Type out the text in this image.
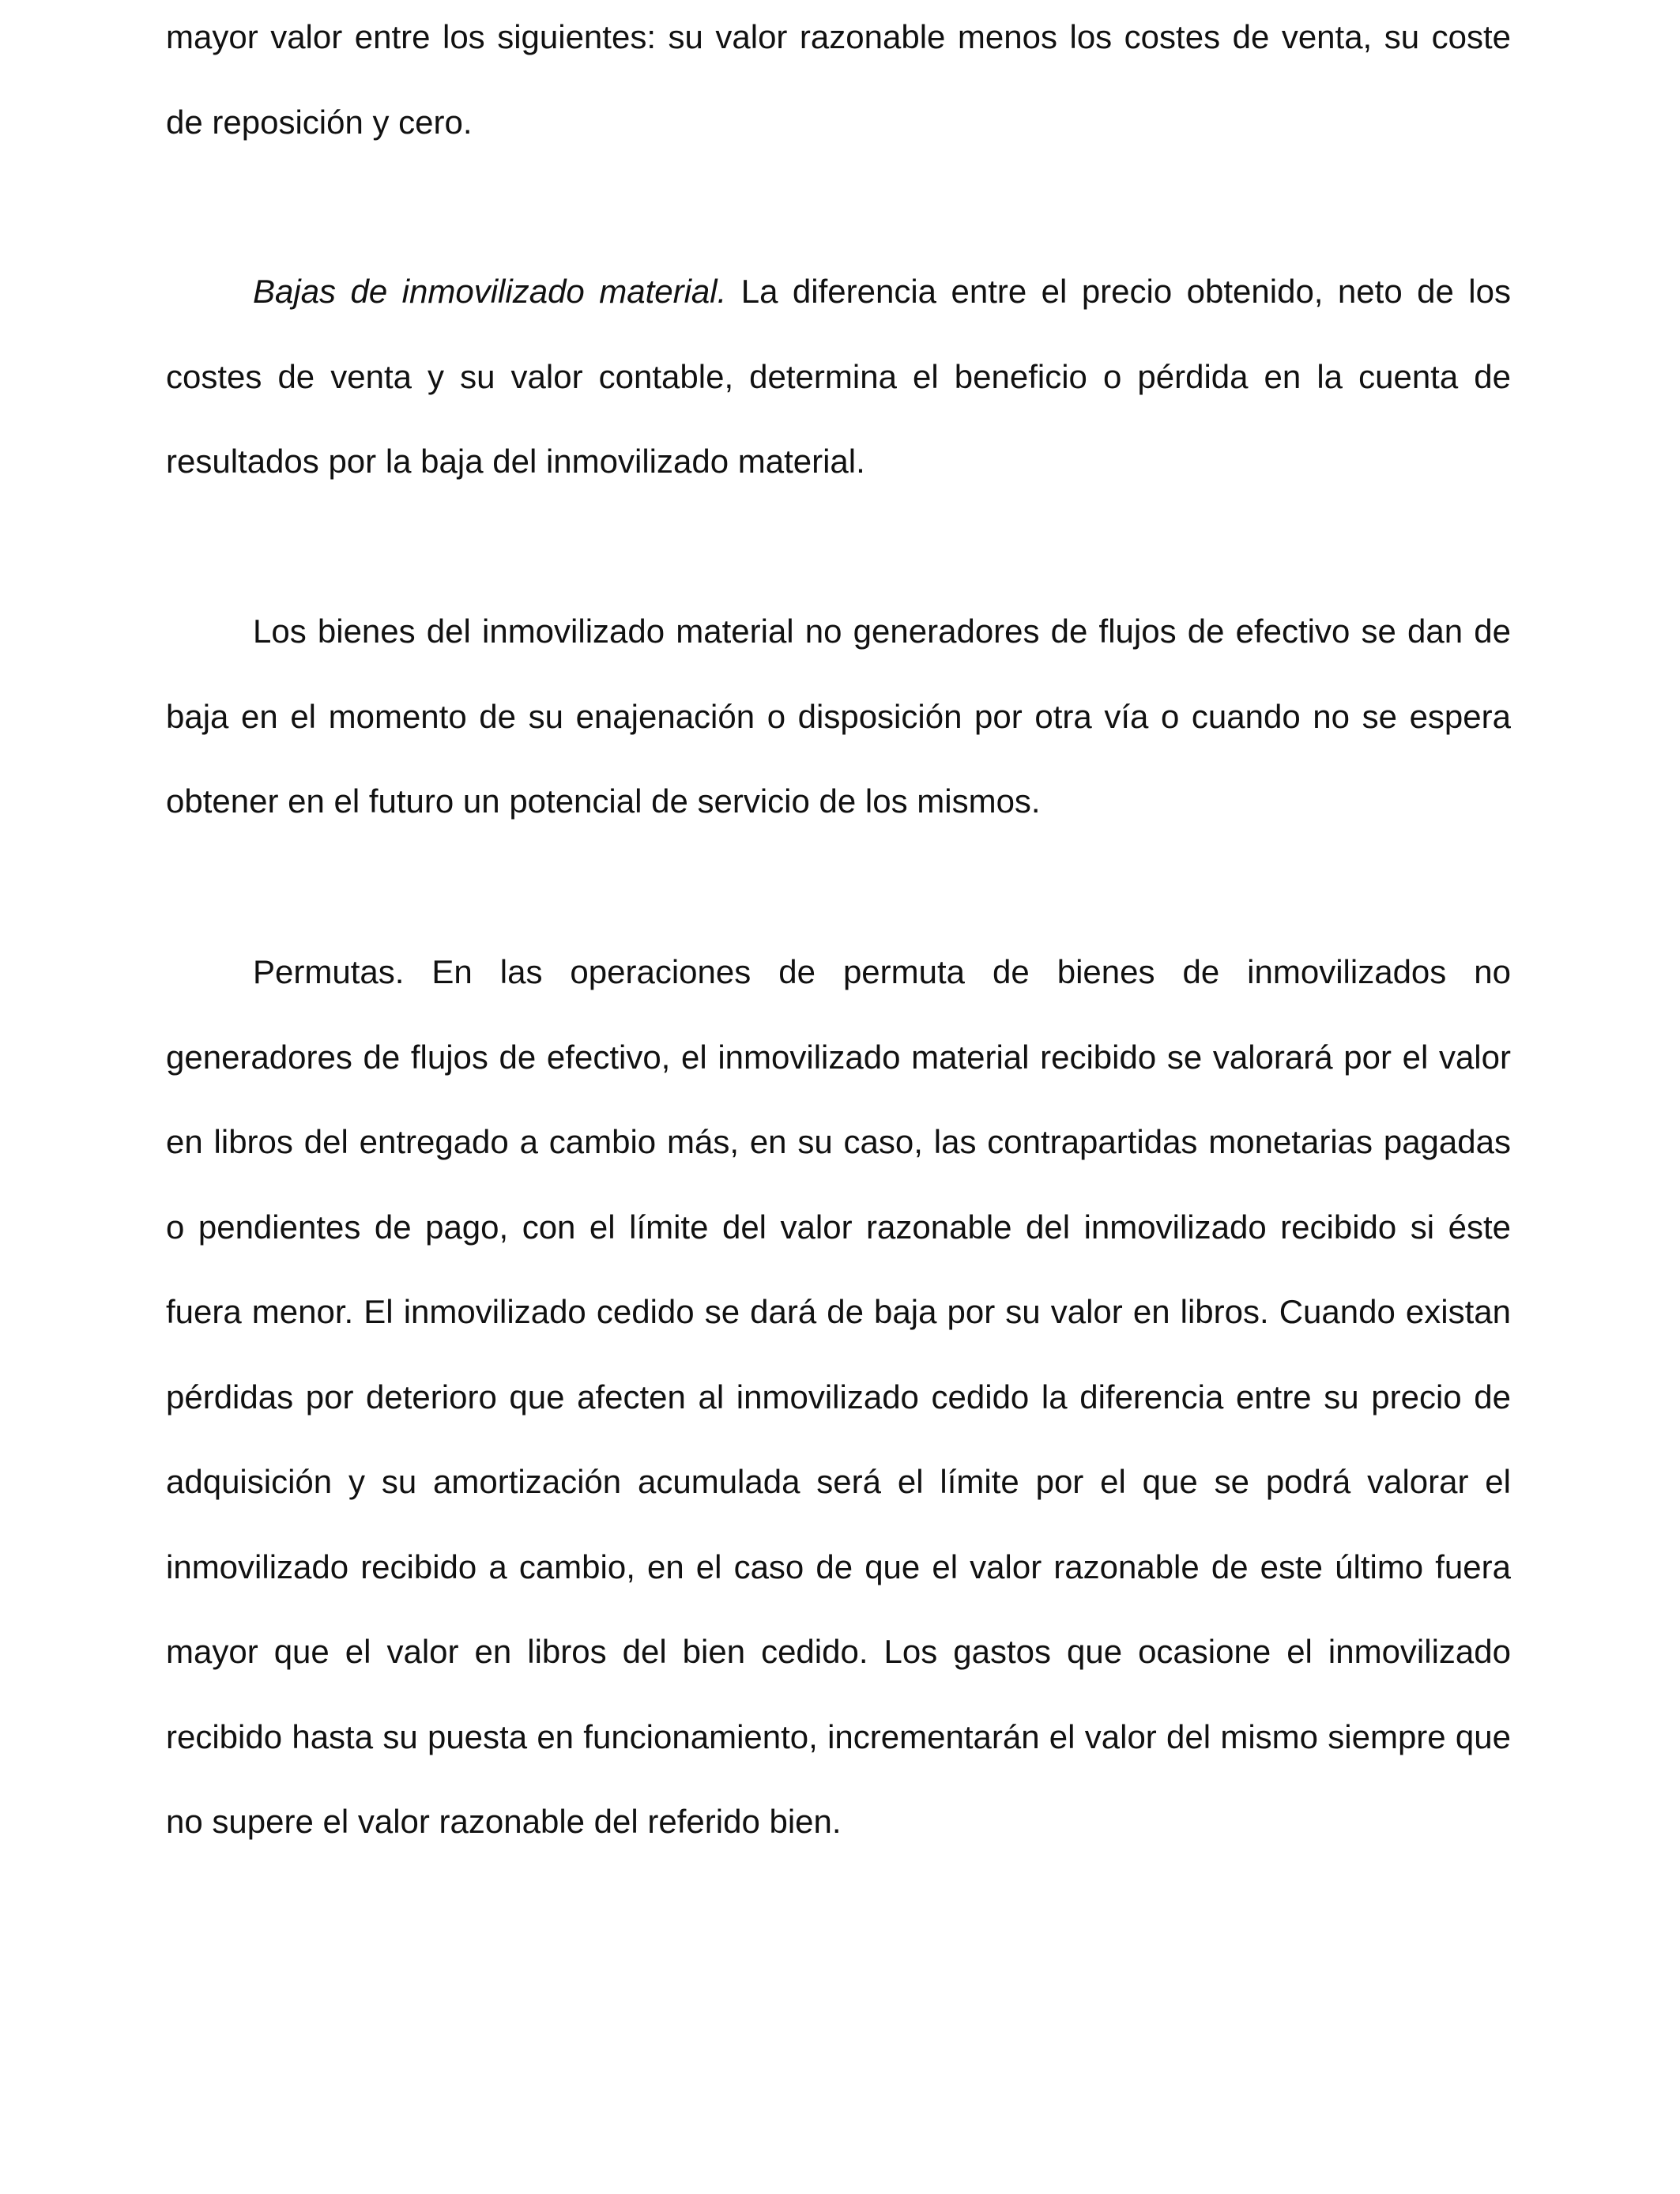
mayor valor entre los siguientes: su valor razonable menos los costes de venta, su coste de reposición y cero.

Bajas de inmovilizado material. La diferencia entre el precio obtenido, neto de los costes de venta y su valor contable, determina el beneficio o pérdida en la cuenta de resultados por la baja del inmovilizado material.

Los bienes del inmovilizado material no generadores de flujos de efectivo se dan de baja en el momento de su enajenación o disposición por otra vía o cuando no se espera obtener en el futuro un potencial de servicio de los mismos.

Permutas. En las operaciones de permuta de bienes de inmovilizados no generadores de flujos de efectivo, el inmovilizado material recibido se valorará por el valor en libros del entregado a cambio más, en su caso, las contrapartidas monetarias pagadas o pendientes de pago, con el límite del valor razonable del inmovilizado recibido si éste fuera menor. El inmovilizado cedido se dará de baja por su valor en libros. Cuando existan pérdidas por deterioro que afecten al inmovilizado cedido la diferencia entre su precio de adquisición y su amortización acumulada será el límite por el que se podrá valorar el inmovilizado recibido a cambio, en el caso de que el valor razonable de este último fuera mayor que el valor en libros del bien cedido. Los gastos que ocasione el inmovilizado recibido hasta su puesta en funcionamiento, incrementarán el valor del mismo siempre que no supere el valor razonable del referido bien.
